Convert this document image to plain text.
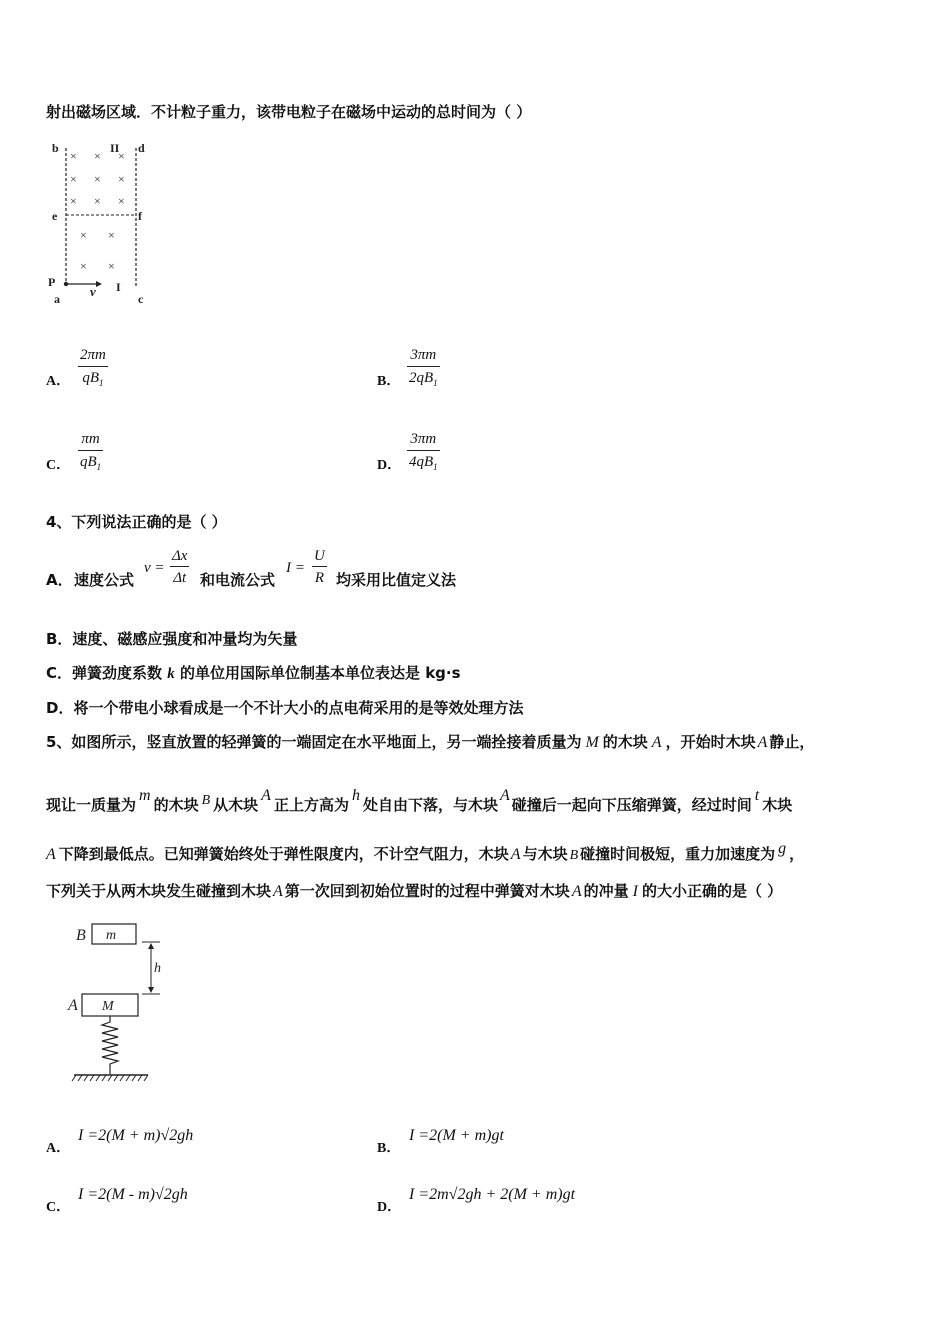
射出磁场区域．不计粒子重力，该带电粒子在磁场中运动的总时间为（ ）
× × ×
× × ×
× × ×
× ×
× ×
b	II d
e	f
P
a
I
c
v
A． $\frac{2\pi m}{qB_1}$	B． $\frac{3\pi m}{2qB_1}$
C． $\frac{\pi m}{qB_1}$	D． $\frac{3\pi m}{4qB_1}$
4、下列说法正确的是（ ）
A． 速度公式
$v = \frac{\Delta x}{\Delta t}$ 和电流公式
$I = \frac{U}{R}$ 均采用比值定义法
B．速度、磁感应强度和冲量均为矢量
C．弹簧劲度系数 k 的单位用国际单位制基本单位表达是 kg·s
D．将一个带电小球看成是一个不计大小的点电荷采用的是等效处理方法
5、如图所示，竖直放置的轻弹簧的一端固定在水平地面上，另一端拴接着质量为 M 的木块 A ，开始时木块 A 静止，
现让一质量为m的木块 B 从木块A正上方高为h处自由下落，与木块A碰撞后一起向下压缩弹簧，经过时间t木块
A 下降到最低点。已知弹簧始终处于弹性限度内，不计空气阻力，木块 A 与木块 B 碰撞时间极短，重力加速度为 g ，
下列关于从两木块发生碰撞到木块 A 第一次回到初始位置时的过程中弹簧对木块 A 的冲量 I 的大小正确的是（ ）
B m
h
A M
A．
I =2(M + m)√2gh
B．
I =2(M + m)gt
C．
I =2(M - m)√2gh
D．
I =2m√2gh + 2(M + m)gt
